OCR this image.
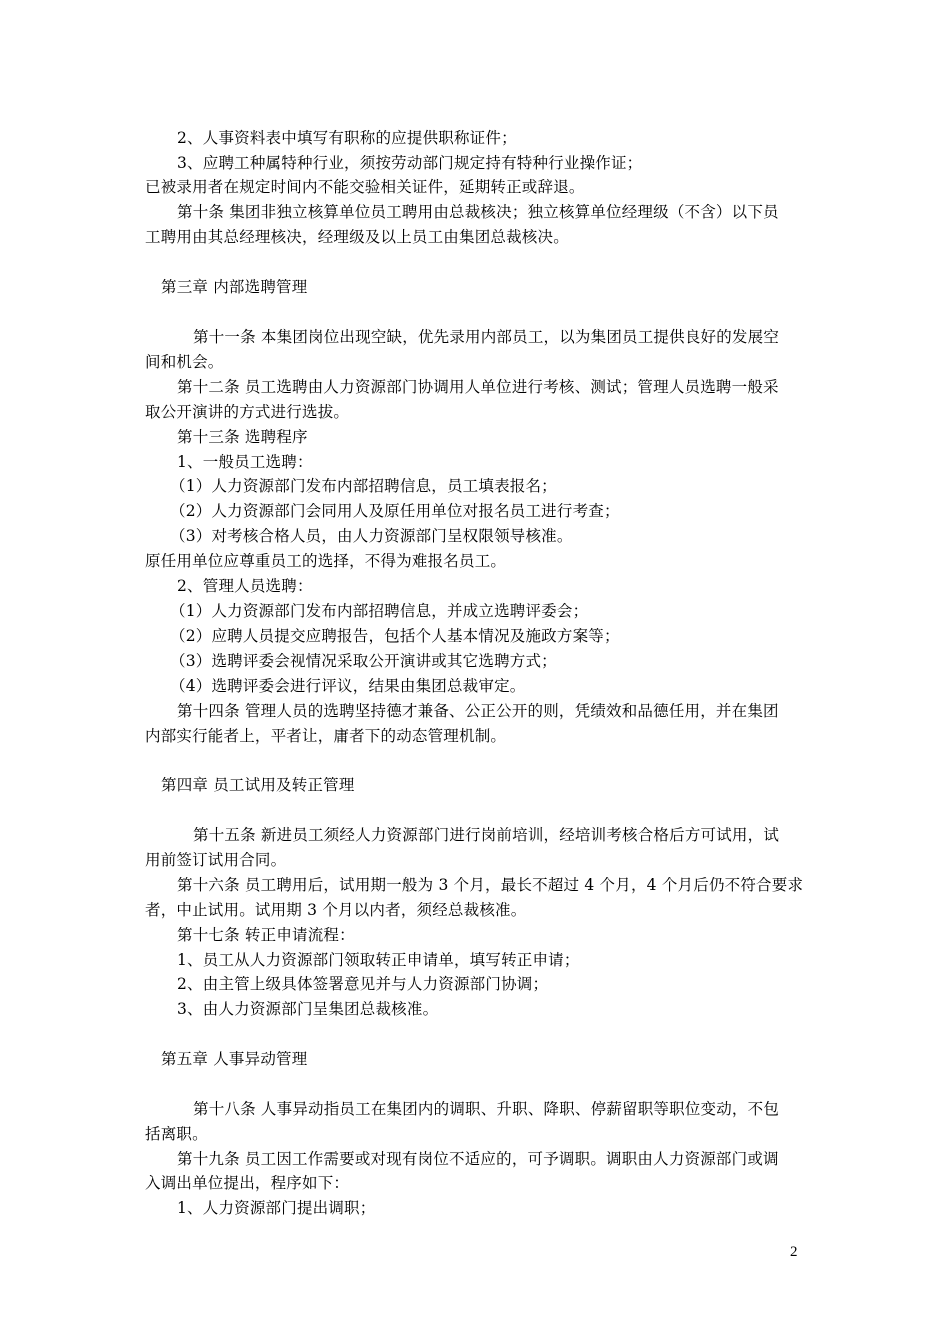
2、人事资料表中填写有职称的应提供职称证件；
3、应聘工种属特种行业，须按劳动部门规定持有特种行业操作证；
已被录用者在规定时间内不能交验相关证件，延期转正或辞退。
第十条 集团非独立核算单位员工聘用由总裁核决；独立核算单位经理级（不含）以下员
工聘用由其总经理核决，经理级及以上员工由集团总裁核决。
第三章 内部选聘管理
第十一条 本集团岗位出现空缺，优先录用内部员工，以为集团员工提供良好的发展空
间和机会。
第十二条 员工选聘由人力资源部门协调用人单位进行考核、测试；管理人员选聘一般采
取公开演讲的方式进行选拔。
第十三条 选聘程序
1、一般员工选聘：
（1）人力资源部门发布内部招聘信息，员工填表报名；
（2）人力资源部门会同用人及原任用单位对报名员工进行考查；
（3）对考核合格人员，由人力资源部门呈权限领导核准。
原任用单位应尊重员工的选择，不得为难报名员工。
2、管理人员选聘：
（1）人力资源部门发布内部招聘信息，并成立选聘评委会；
（2）应聘人员提交应聘报告，包括个人基本情况及施政方案等；
（3）选聘评委会视情况采取公开演讲或其它选聘方式；
（4）选聘评委会进行评议，结果由集团总裁审定。
第十四条 管理人员的选聘坚持德才兼备、公正公开的则，凭绩效和品德任用，并在集团
内部实行能者上，平者让，庸者下的动态管理机制。
第四章 员工试用及转正管理
第十五条 新进员工须经人力资源部门进行岗前培训，经培训考核合格后方可试用，试
用前签订试用合同。
第十六条 员工聘用后，试用期一般为 3 个月，最长不超过 4 个月，4 个月后仍不符合要求
者，中止试用。试用期 3 个月以内者，须经总裁核准。
第十七条 转正申请流程：
1、员工从人力资源部门领取转正申请单，填写转正申请；
2、由主管上级具体签署意见并与人力资源部门协调；
3、由人力资源部门呈集团总裁核准。
第五章 人事异动管理
第十八条 人事异动指员工在集团内的调职、升职、降职、停薪留职等职位变动，不包
括离职。
第十九条 员工因工作需要或对现有岗位不适应的，可予调职。调职由人力资源部门或调
入调出单位提出，程序如下：
1、人力资源部门提出调职；
2
